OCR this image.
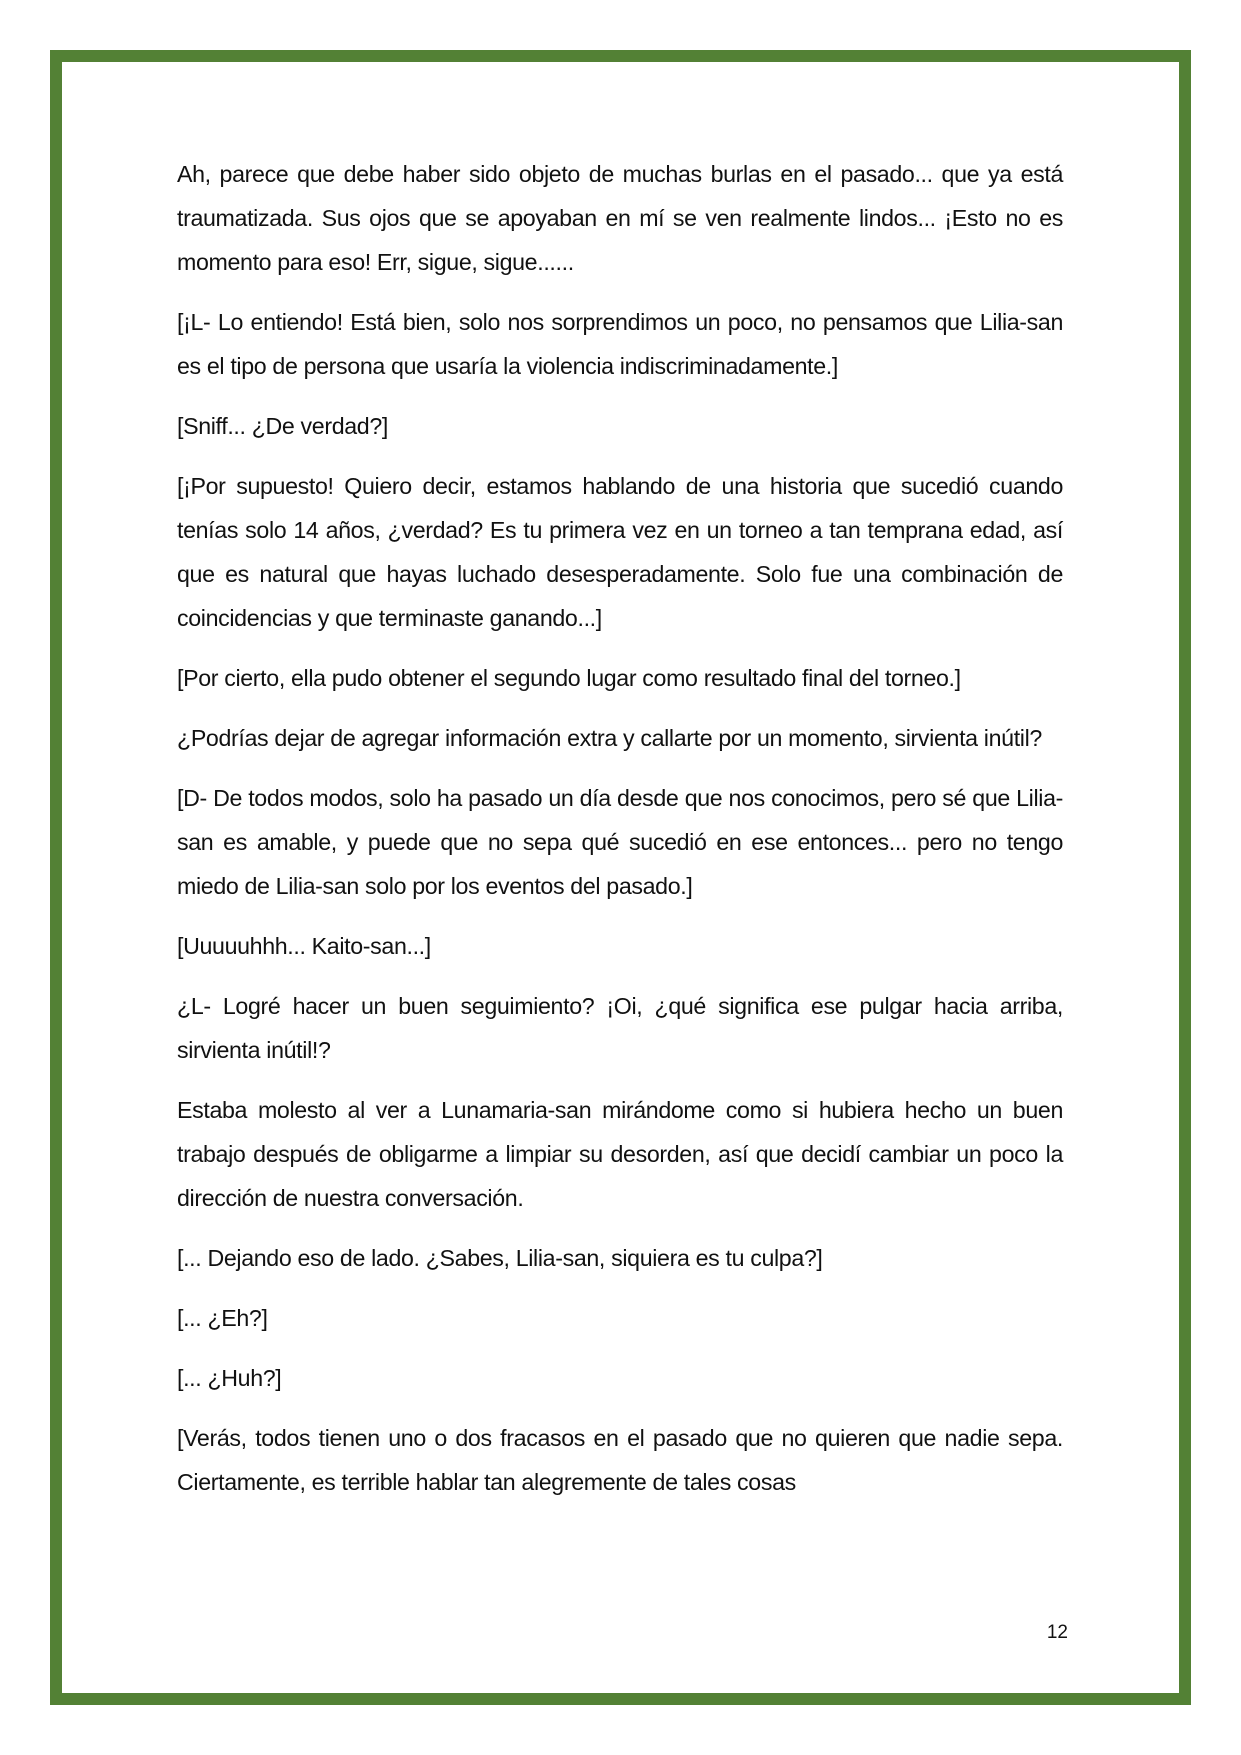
Ah, parece que debe haber sido objeto de muchas burlas en el pasado... que ya está traumatizada. Sus ojos que se apoyaban en mí se ven realmente lindos... ¡Esto no es momento para eso! Err, sigue, sigue......

[¡L- Lo entiendo! Está bien, solo nos sorprendimos un poco, no pensamos que Lilia-san es el tipo de persona que usaría la violencia indiscriminadamente.]

[Sniff... ¿De verdad?]

[¡Por supuesto! Quiero decir, estamos hablando de una historia que sucedió cuando tenías solo 14 años, ¿verdad? Es tu primera vez en un torneo a tan temprana edad, así que es natural que hayas luchado desesperadamente. Solo fue una combinación de coincidencias y que terminaste ganando...]

[Por cierto, ella pudo obtener el segundo lugar como resultado final del torneo.]

¿Podrías dejar de agregar información extra y callarte por un momento, sirvienta inútil?

[D- De todos modos, solo ha pasado un día desde que nos conocimos, pero sé que Lilia-san es amable, y puede que no sepa qué sucedió en ese entonces... pero no tengo miedo de Lilia-san solo por los eventos del pasado.]

[Uuuuuhhh... Kaito-san...]

¿L- Logré hacer un buen seguimiento? ¡Oi, ¿qué significa ese pulgar hacia arriba, sirvienta inútil!?

Estaba molesto al ver a Lunamaria-san mirándome como si hubiera hecho un buen trabajo después de obligarme a limpiar su desorden, así que decidí cambiar un poco la dirección de nuestra conversación.

[... Dejando eso de lado. ¿Sabes, Lilia-san, siquiera es tu culpa?]

[... ¿Eh?]

[... ¿Huh?]

[Verás, todos tienen uno o dos fracasos en el pasado que no quieren que nadie sepa. Ciertamente, es terrible hablar tan alegremente de tales cosas

12
